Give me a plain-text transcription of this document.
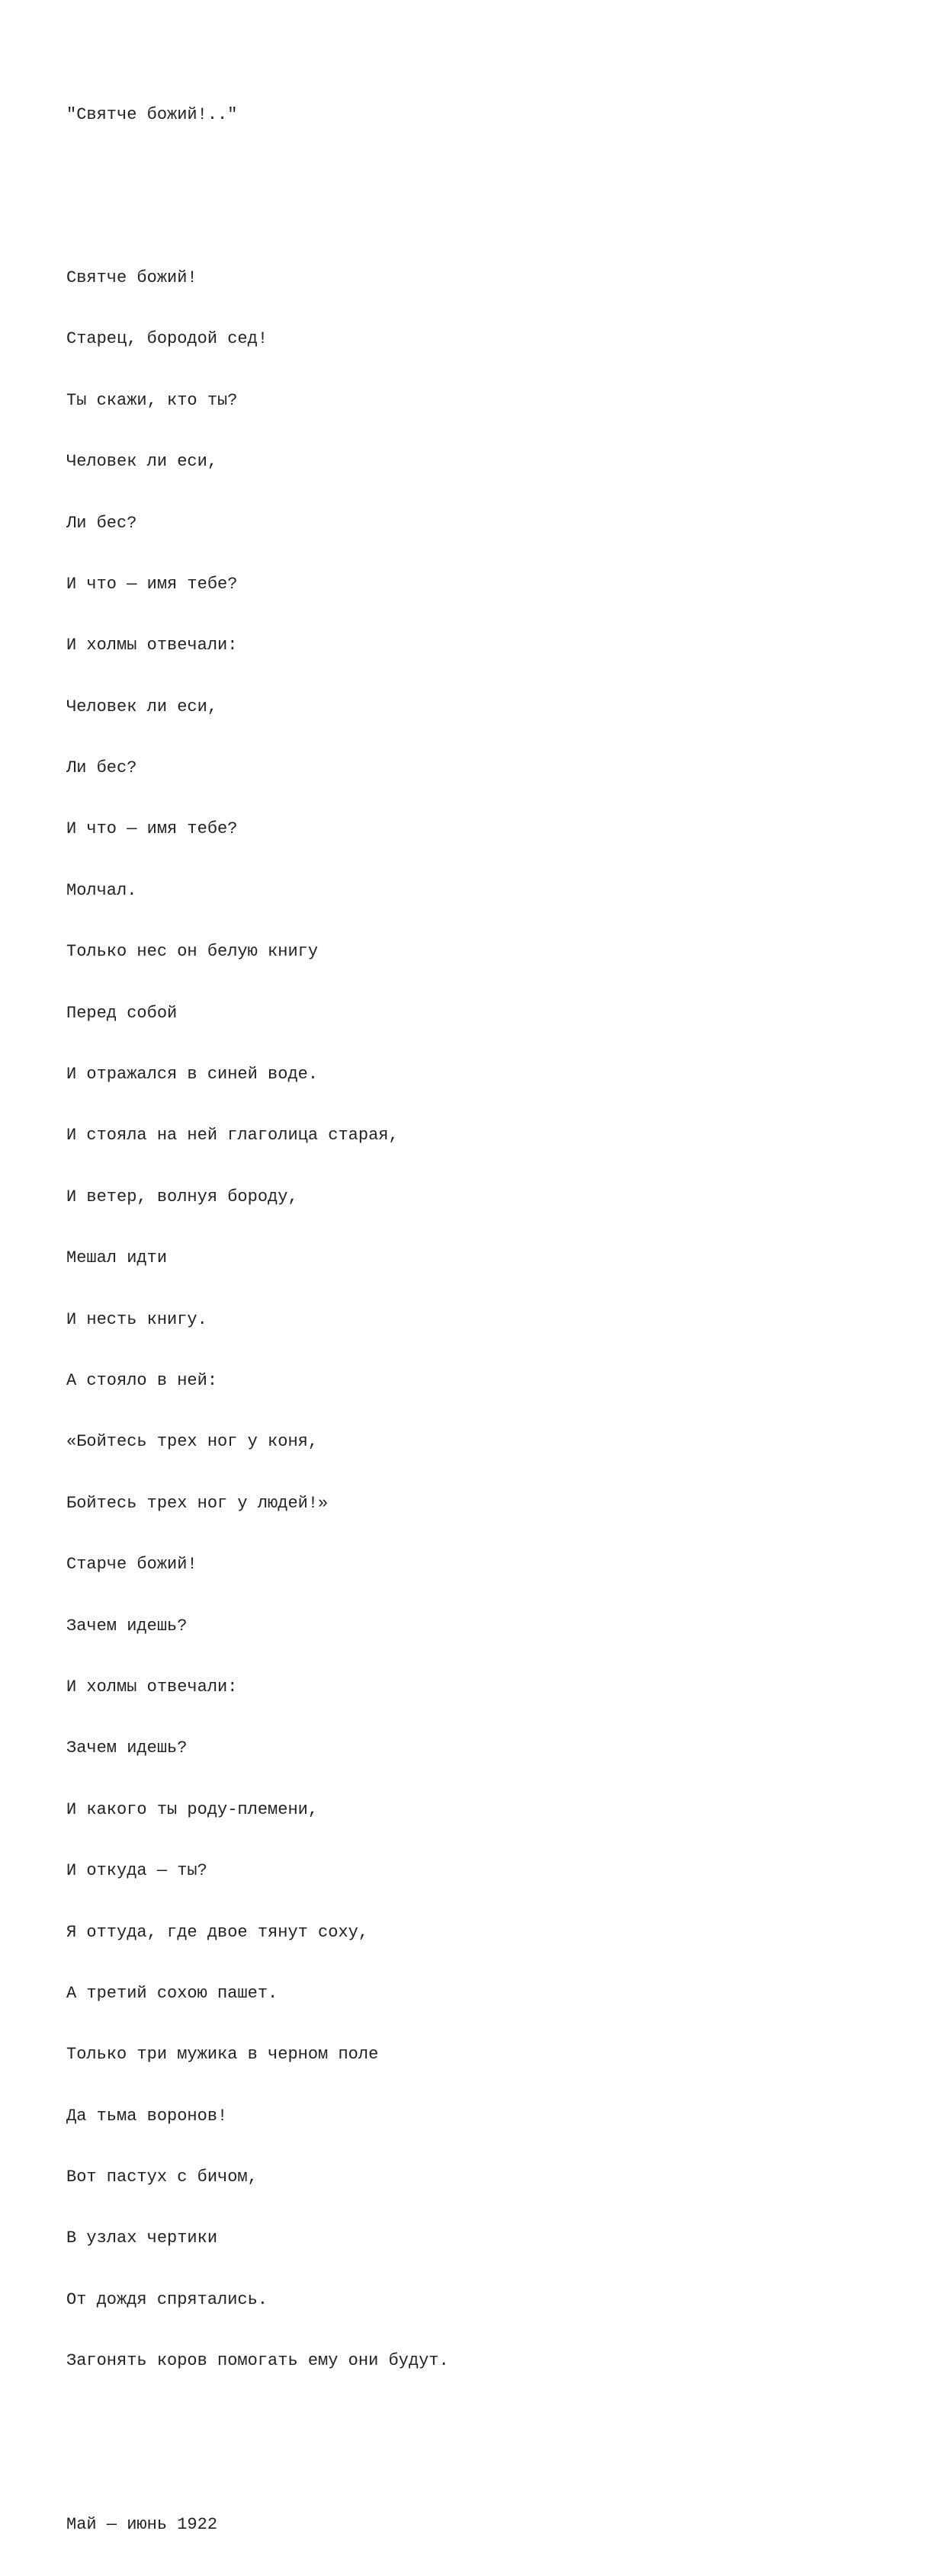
"Святче божий!.."

Святче божий!

Старец, бородой сед!

Ты скажи, кто ты?

Человек ли еси,

Ли бес?

И что — имя тебе?

И холмы отвечали:

Человек ли еси,

Ли бес?

И что — имя тебе?

Молчал.

Только нес он белую книгу

Перед собой

И отражался в синей воде.

И стояла на ней глаголица старая,

И ветер, волнуя бороду,

Мешал идти

И несть книгу.

А стояло в ней:

«Бойтесь трех ног у коня,

Бойтесь трех ног у людей!»

Старче божий!

Зачем идешь?

И холмы отвечали:

Зачем идешь?

И какого ты роду-племени,

И откуда — ты?

Я оттуда, где двое тянут соху,

А третий сохою пашет.

Только три мужика в черном поле

Да тьма воронов!

Вот пастух с бичом,

В узлах чертики

От дождя спрятались.

Загонять коров помогать ему они будут.

Май — июнь 1922
